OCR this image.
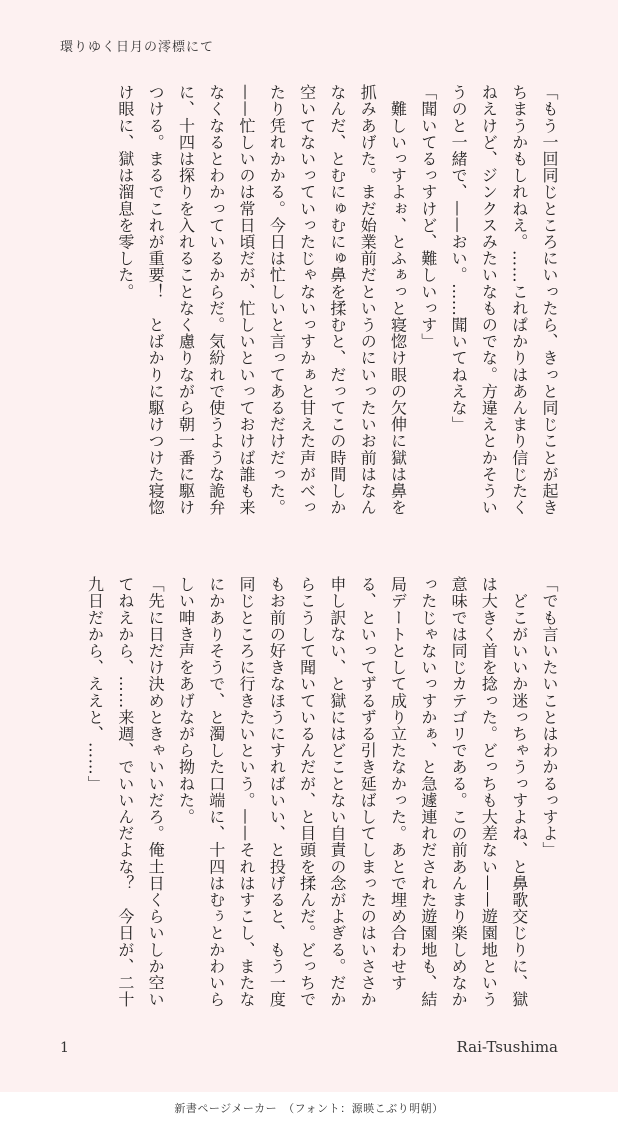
環りゆく日月の澪標にて

「もう一回同じところにいったら、きっと同じことが起きちまうかもしれねえ。……これぱかりはあんまり信じたくねえけど、ジンクスみたいなものでな。方違えとかそういうのと一緒で、——おい。……聞いてねえな」

「聞いてるっすけど、難しいっす」

　難しいっすよぉ、とふぁっと寝惚け眼の欠伸に獄は鼻を抓みあげた。まだ始業前だというのにいったいお前はなんなんだ、とむにゅむにゅ鼻を揉むと、だってこの時間しか空いてないっていったじゃないっすかぁと甘えた声がべったり凭れかかる。今日は忙しいと言ってあるだけだった。——忙しいのは常日頃だが、忙しいといっておけば誰も来なくなるとわかっているからだ。気紛れで使うような詭弁に、十四は探りを入れることなく慮りながら朝一番に駆けつける。まるでこれが重要！　とばかりに駆けつけた寝惚け眼に、獄は溜息を零した。

「でも言いたいことはわかるっすよ」

　どこがいいか迷っちゃうっすよね、と鼻歌交じりに、獄は大きく首を捻った。どっちも大差ない——遊園地という意味では同じカテゴリである。この前あんまり楽しめなかったじゃないっすかぁ、と急遽連れだされた遊園地も、結局デートとして成り立たなかった。あとで埋め合わせする、といってずるずる引き延ばしてしまったのはいささか申し訳ない、と獄にはどことない自責の念がよぎる。だからこうして聞いているんだが、と目頭を揉んだ。どっちでもお前の好きなほうにすればいい、と投げると、もう一度同じところに行きたいという。——それはすこし、またなにかありそうで、と濁した口端に、十四はむぅとかわいらしい呻き声をあげながら拗ねた。

「先に日だけ決めときゃいいだろ。俺土日くらいしか空いてねえから、……来週、でいいんだよな？　今日が、二十九日だから、ええと、……」

1	Rai-Tsushima
新書ページメーカー　（フォント：源暎こぶり明朝）
